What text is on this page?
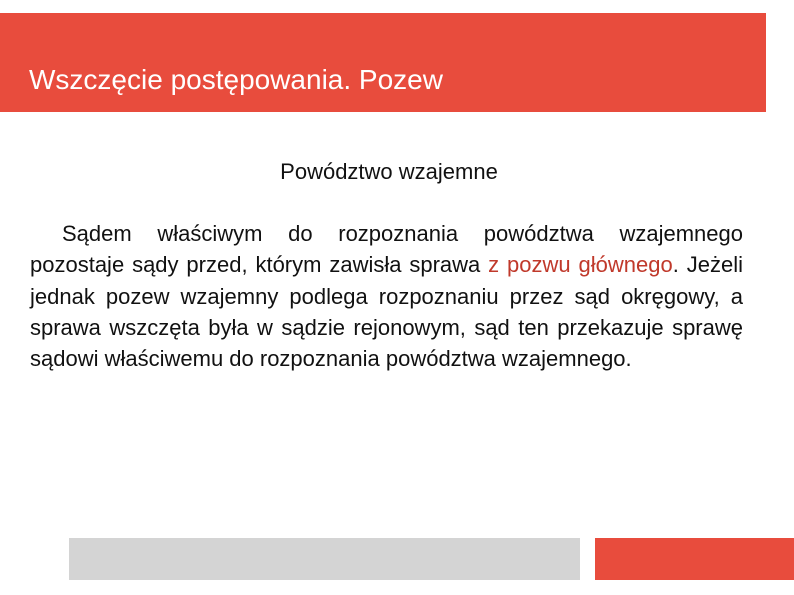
Wszczęcie postępowania. Pozew
Powództwo wzajemne

Sądem właściwym do rozpoznania powództwa wzajemnego pozostaje sądy przed, którym zawisła sprawa z pozwu głównego. Jeżeli jednak pozew wzajemny podlega rozpoznaniu przez sąd okręgowy, a sprawa wszczęta była w sądzie rejonowym, sąd ten przekazuje sprawę sądowi właściwemu do rozpoznania powództwa wzajemnego.
